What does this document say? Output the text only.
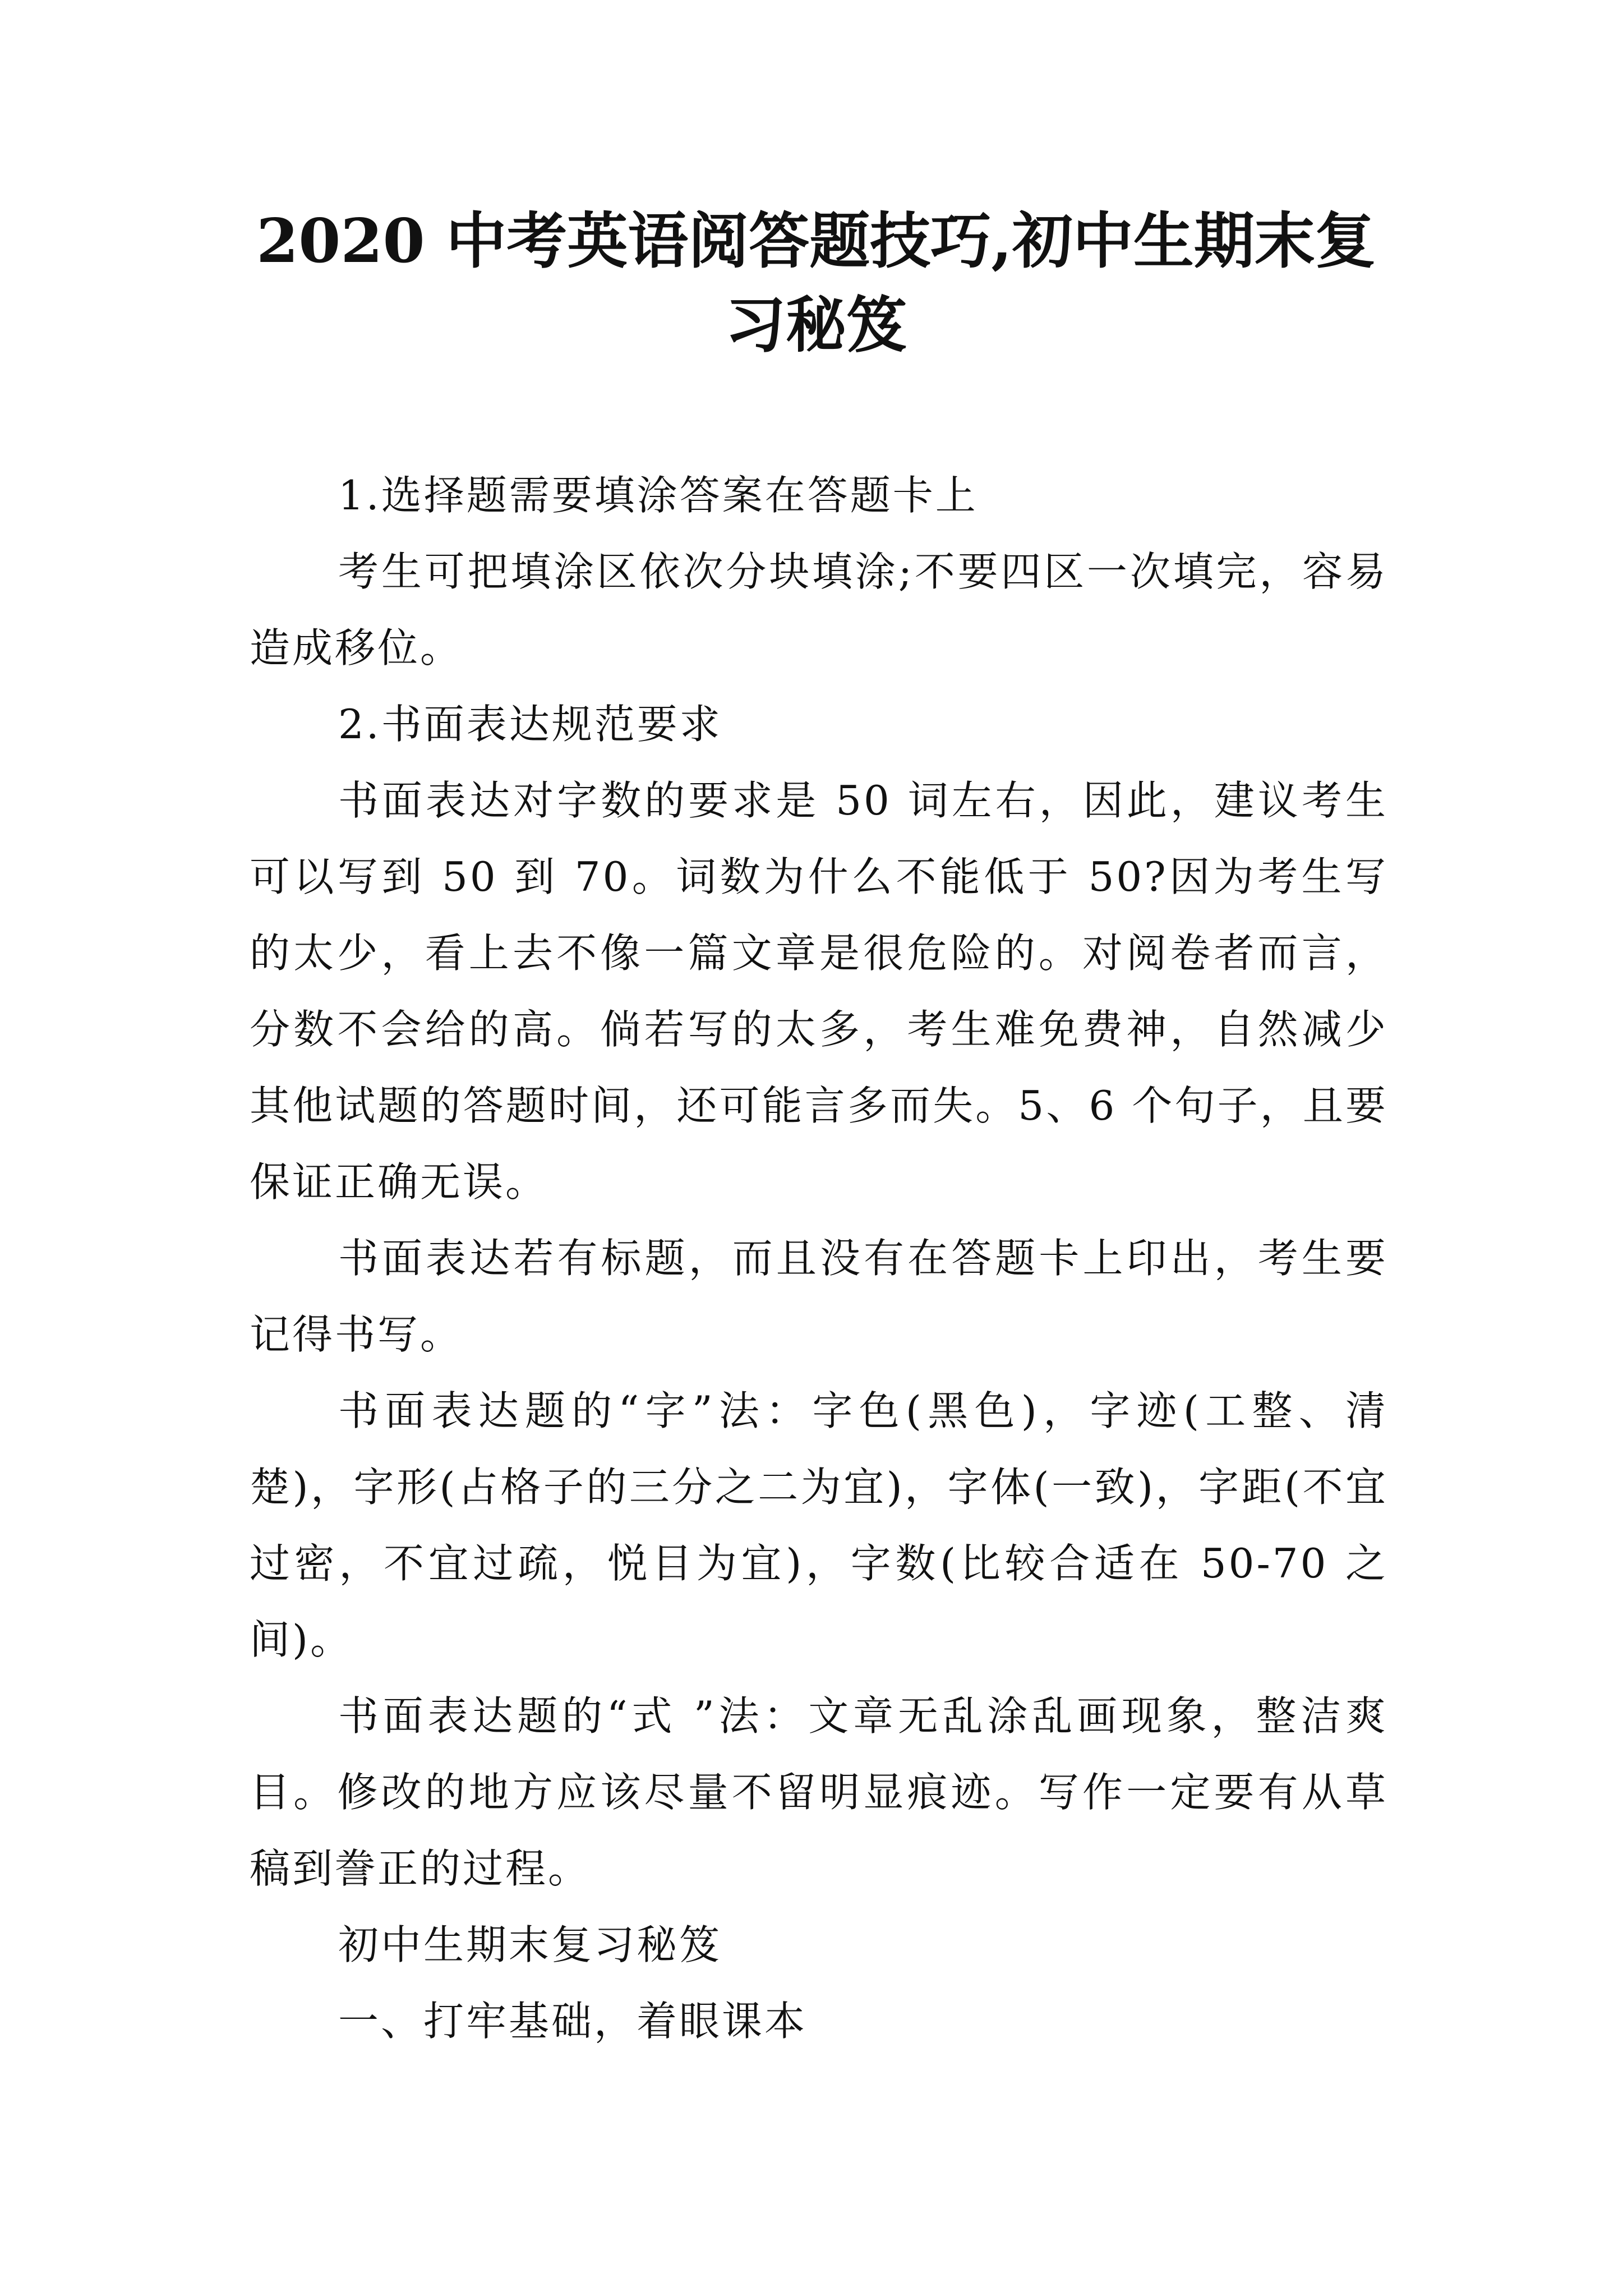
2020 中考英语阅答题技巧,初中生期末复习秘笈

1.选择题需要填涂答案在答题卡上

考生可把填涂区依次分块填涂;不要四区一次填完，容易造成移位。

2.书面表达规范要求

书面表达对字数的要求是 50 词左右，因此，建议考生可以写到 50 到 70。词数为什么不能低于 50?因为考生写的太少，看上去不像一篇文章是很危险的。对阅卷者而言，分数不会给的高。倘若写的太多，考生难免费神，自然减少其他试题的答题时间，还可能言多而失。5、6 个句子，且要保证正确无误。

书面表达若有标题，而且没有在答题卡上印出，考生要记得书写。

书面表达题的“字”法：字色(黑色)，字迹(工整、清楚)，字形(占格子的三分之二为宜)，字体(一致)，字距(不宜过密，不宜过疏，悦目为宜)，字数(比较合适在 50-70 之间)。

书面表达题的“式 ”法：文章无乱涂乱画现象，整洁爽目。修改的地方应该尽量不留明显痕迹。写作一定要有从草稿到誊正的过程。

初中生期末复习秘笈

一、打牢基础，着眼课本
